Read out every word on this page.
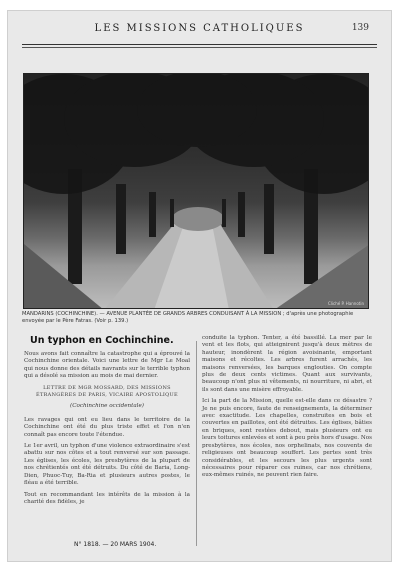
LES MISSIONS CATHOLIQUES	139
Cliché P. Hannotin
MANDARINS (COCHINCHINE). — AVENUE PLANTÉE DE GRANDS ARBRES CONDUISANT À LA MISSION ; d'après une photographie envoyée par le Père Fatras. (Voir p. 139.)
Un typhon en Cochinchine.

Nous avons fait connaître la catastrophe qui a éprouvé la Cochinchine orientale. Voici une lettre de Mgr Le Moal qui nous donne des détails navrants sur le terrible typhon qui a désolé sa mission au mois de mai dernier.

LETTRE DE MGR MOSSARD, DES MISSIONS ÉTRANGÈRES DE PARIS, VICAIRE APOSTOLIQUE

(Cochinchine occidentale)

Les ravages qui ont eu lieu dans le territoire de la Cochinchine ont été du plus triste effet et l'on n'en connaît pas encore toute l'étendue.

Le 1er avril, un typhon d'une violence extraordinaire s'est abattu sur nos côtes et a tout renversé sur son passage. Les églises, les écoles, les presbytères de la plupart de nos chrétientés ont été détruits. Du côté de Baria, Long-Dien, Phuoc-Tuy, Ba-Ria et plusieurs autres postes, le fléau a été terrible.

Tout en recommandant les intérêts de la mission à la charité des fidèles, je

conduite la typhon. Tenter, a été bassillé. La mer par le vent et les flots, qui atteignirent jusqu'à deux mètres de hauteur, inondèrent la région avoisinante, emportant maisons et récoltes. Les arbres furent arrachés, les maisons renversées, les barques englouties. On compte plus de deux cents victimes. Quant aux survivants, beaucoup n'ont plus ni vêtements, ni nourriture, ni abri, et ils sont dans une misère effroyable.

Ici la part de la Mission, quelle est-elle dans ce désastre ? Je ne puis encore, faute de renseignements, la déterminer avec exactitude. Les chapelles, construites en bois et couvertes en paillotes, ont été détruites. Les églises, bâties en briques, sont restées debout, mais plusieurs ont eu leurs toitures enlevées et sont à peu près hors d'usage. Nos presbytères, nos écoles, nos orphelinats, nos couvents de religieuses ont beaucoup souffert. Les pertes sont très considérables, et les secours les plus urgents sont nécessaires pour réparer ces ruines, car nos chrétiens, eux-mêmes ruinés, ne peuvent rien faire.

N° 1818. — 20 MARS 1904.
